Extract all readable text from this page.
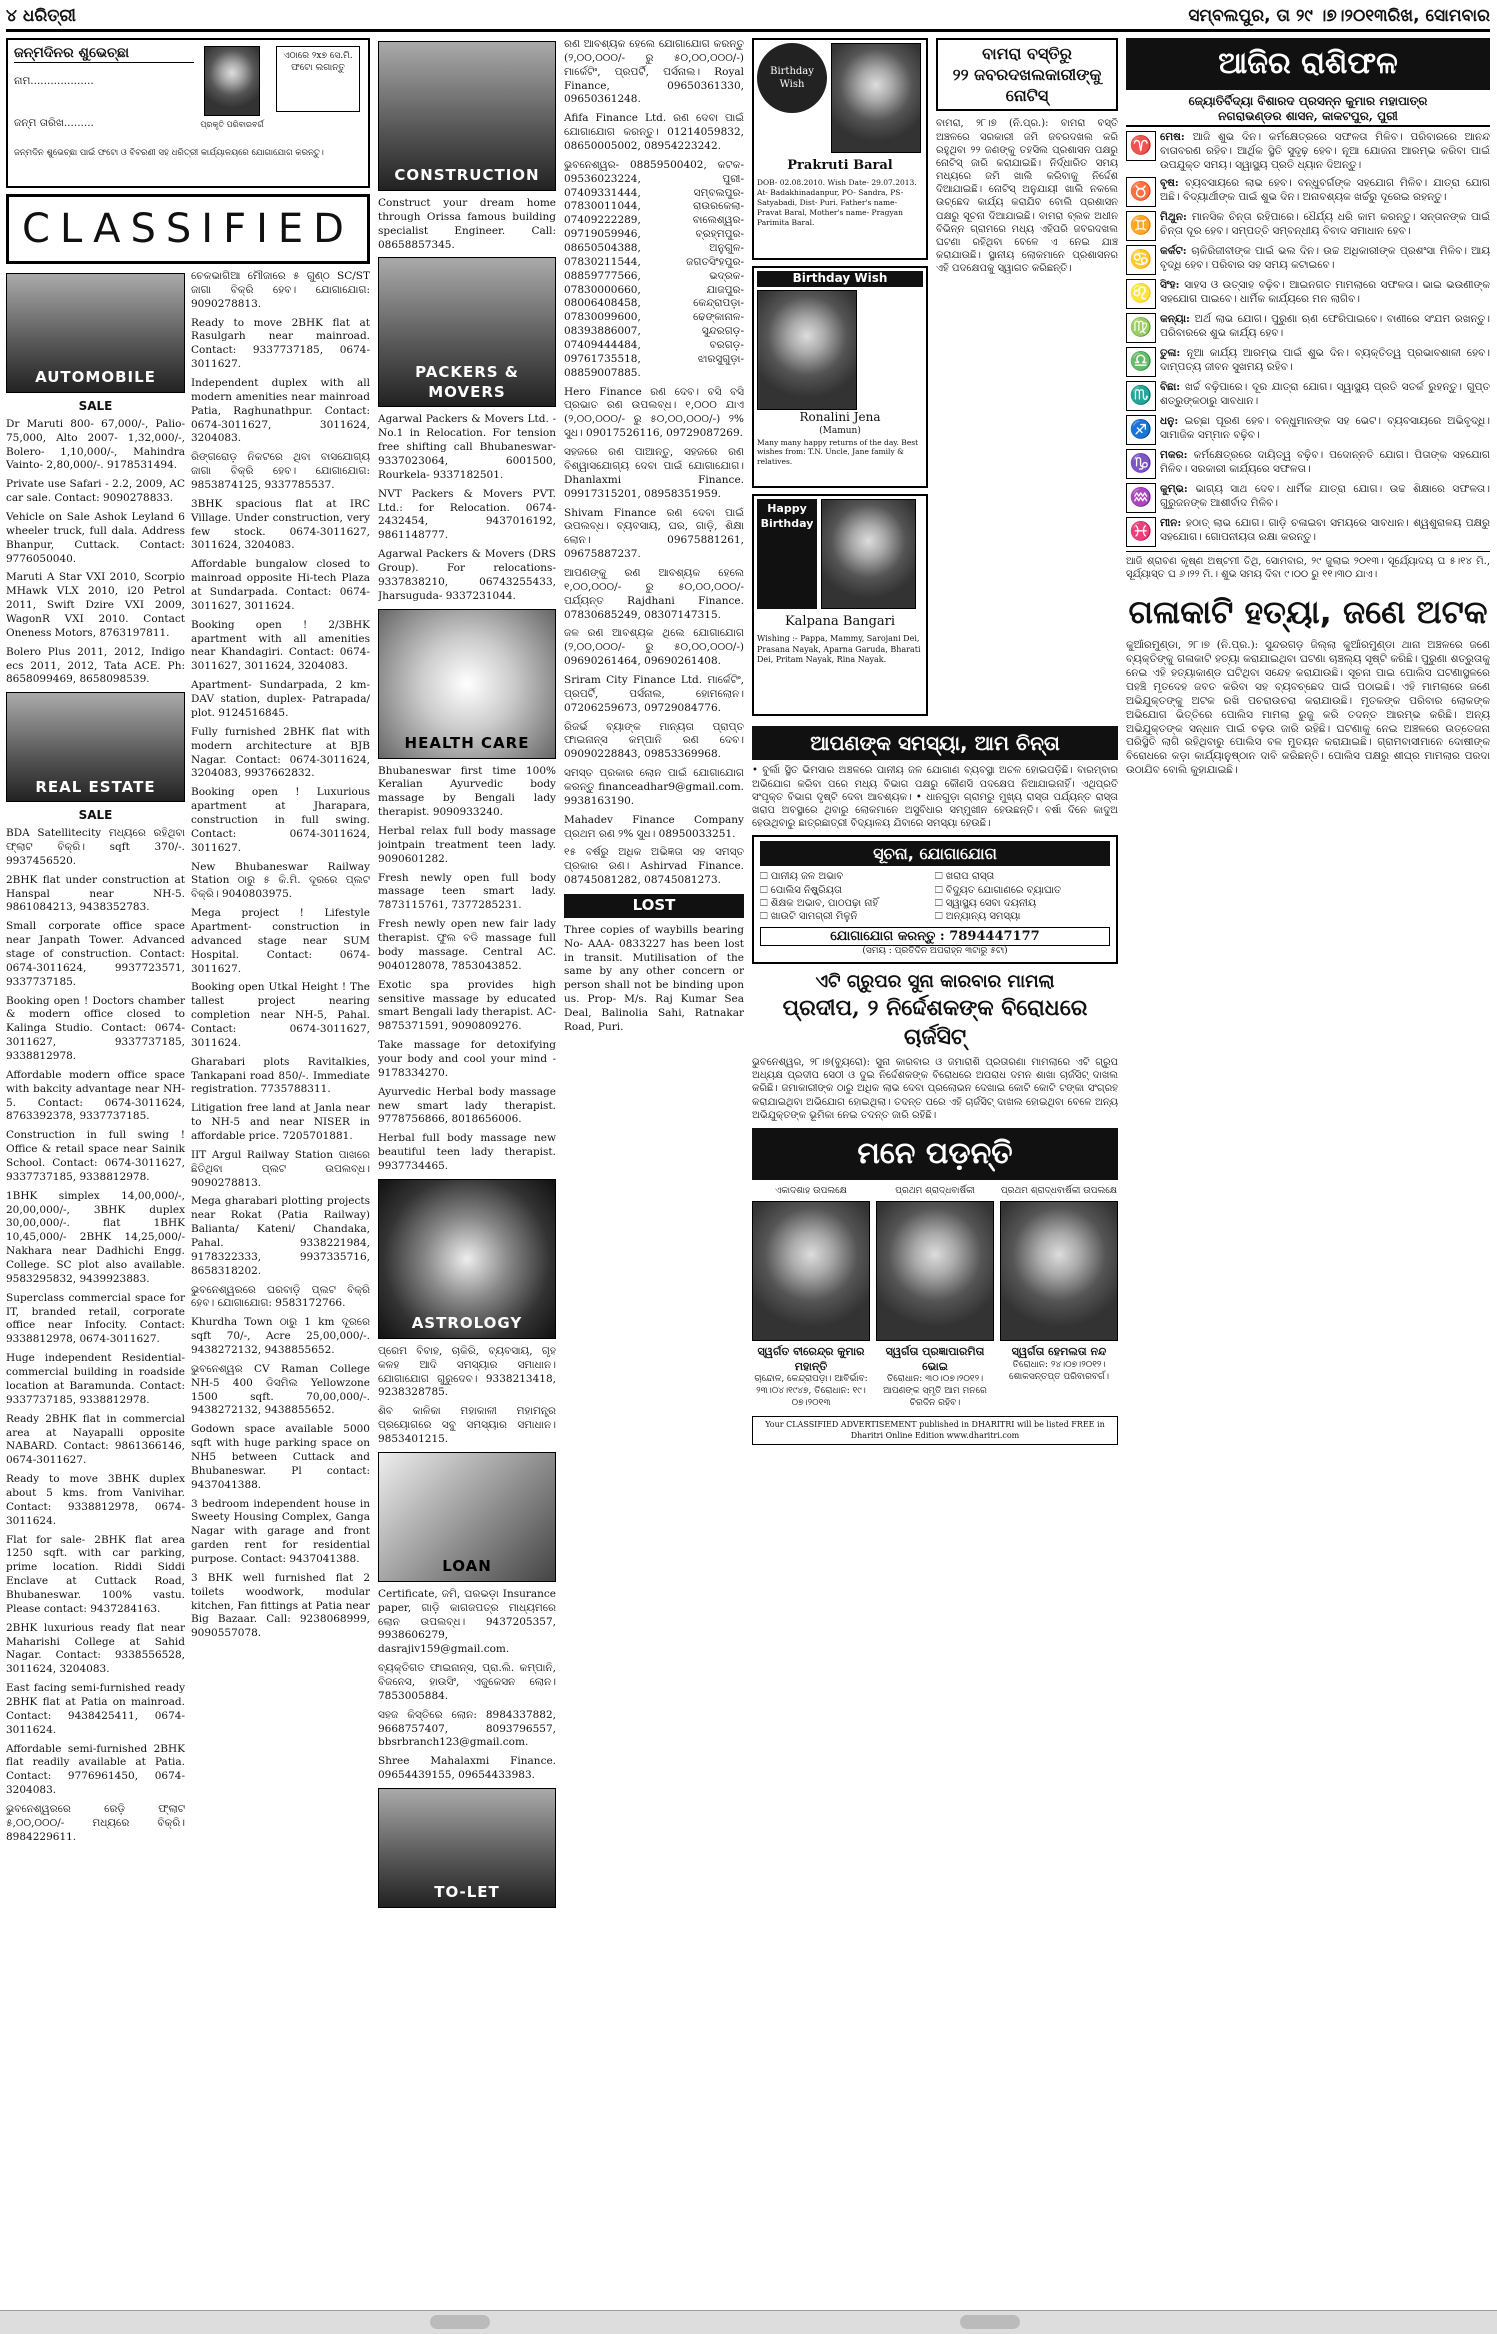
୪ ଧରିତ୍ରୀ	ସମ୍ବଲପୁର, ତା ୨୯ ।୭।୨୦୧୩ରିଖ, ସୋମବାର
ଜନ୍ମଦିନର ଶୁଭେଚ୍ଛା
ନାମ...................
ଜନ୍ମ ତାରିଖ.........	ପ୍ରକୃତି ପରିବାରବର୍ଗ
ଏଠାରେ ୨x୭ ସେ.ମି. ଫଟୋ ଲଗାନ୍ତୁ
ଜନ୍ମଦିନ ଶୁଭେଚ୍ଛା ପାଇଁ ଫଟୋ ଓ ବିବରଣୀ ସହ ଧରିତ୍ରୀ କାର୍ଯ୍ୟାଳୟରେ ଯୋଗାଯୋଗ କରନ୍ତୁ।
CLASSIFIED
AUTOMOBILE
SALE

Dr Maruti 800- 67,000/-, Palio- 75,000, Alto 2007- 1,32,000/-, Bolero- 1,10,000/-, Mahindra Vainto- 2,80,000/-. 9178531494.

Private use Safari - 2.2, 2009, AC car sale. Contact: 9090278833.

Vehicle on Sale Ashok Leyland 6 wheeler truck, full dala. Address Bhanpur, Cuttack. Contact: 9776050040.

Maruti A Star VXI 2010, Scorpio MHawk VLX 2010, i20 Petrol 2011, Swift Dzire VXI 2009, WagonR VXI 2010. Contact Oneness Motors, 8763197811.

Bolero Plus 2011, 2012, Indigo ecs 2011, 2012, Tata ACE. Ph: 8658099469, 8658098539.

REAL ESTATE
SALE

BDA Satellitecity ମଧ୍ୟରେ ରହିଥିବା ଫ୍ଲାଟ ବିକ୍ରି। sqft 370/-. 9937456520.

2BHK flat under construction at Hanspal near NH-5. 9861084213, 9438352783.

Small corporate office space near Janpath Tower. Advanced stage of construction. Contact: 0674-3011624, 9937723571, 9337737185.

Booking open ! Doctors chamber & modern office closed to Kalinga Studio. Contact: 0674-3011627, 9337737185, 9338812978.

Affordable modern office space with bakcity advantage near NH-5. Contact: 0674-3011624, 8763392378, 9337737185.

Construction in full swing ! Office & retail space near Sainik School. Contact: 0674-3011627, 9337737185, 9338812978.

1BHK simplex 14,00,000/-, 20,00,000/-, 3BHK duplex 30,00,000/-. flat 1BHK 10,45,000/- 2BHK 14,25,000/- Nakhara near Dadhichi Engg. College. SC plot also available. 9583295832, 9439923883.

Superclass commercial space for IT, branded retail, corporate office near Infocity. Contact: 9338812978, 0674-3011627.

Huge independent Residential-commercial building in roadside location at Baramunda. Contact: 9337737185, 9338812978.

Ready 2BHK flat in commercial area at Nayapalli opposite NABARD. Contact: 9861366146, 0674-3011627.

Ready to move 3BHK duplex about 5 kms. from Vanivihar. Contact: 9338812978, 0674-3011624.

Flat for sale- 2BHK flat area 1250 sqft. with car parking, prime location. Riddi Siddi Enclave at Cuttack Road, Bhubaneswar. 100% vastu. Please contact: 9437284163.

2BHK luxurious ready flat near Maharishi College at Sahid Nagar. Contact: 9338556528, 3011624, 3204083.

East facing semi-furnished ready 2BHK flat at Patia on mainroad. Contact: 9438425411, 0674-3011624.

Affordable semi-furnished 2BHK flat readily available at Patia. Contact: 9776961450, 0674-3204083.

ଭୁବନେଶ୍ୱରରେ ରେଡ଼ି ଫ୍ଲାଟ ୫,୦୦,୦୦୦/- ମଧ୍ୟରେ ବିକ୍ରି। 8984229611.

ଚେକଭାଗିଆ ମୌଜାରେ ୫ ଗୁଣ୍ଠ SC/ST ଜାଗା ବିକ୍ରି ହେବ। ଯୋଗାଯୋଗ: 9090278813.

Ready to move 2BHK flat at Rasulgarh near mainroad. Contact: 9337737185, 0674-3011627.

Independent duplex with all modern amenities near mainroad Patia, Raghunathpur. Contact: 0674-3011627, 3011624, 3204083.

ରିଙ୍ଗରୋଡ଼ ନିକଟରେ ଥିବା ବାସଯୋଗ୍ୟ ଜାଗା ବିକ୍ରି ହେବ। ଯୋଗାଯୋଗ: 9853874125, 9337785537.

3BHK spacious flat at IRC Village. Under construction, very few stock. 0674-3011627, 3011624, 3204083.

Affordable bungalow closed to mainroad opposite Hi-tech Plaza at Sundarpada. Contact: 0674-3011627, 3011624.

Booking open ! 2/3BHK apartment with all amenities near Khandagiri. Contact: 0674-3011627, 3011624, 3204083.

Apartment- Sundarpada, 2 km- DAV station, duplex- Patrapada/ plot. 9124516845.

Fully furnished 2BHK flat with modern architecture at BJB Nagar. Contact: 0674-3011624, 3204083, 9937662832.

Booking open ! Luxurious apartment at Jharapara, construction in full swing. Contact: 0674-3011624, 3011627.

New Bhubaneswar Railway Station ଠାରୁ ୫ କି.ମି. ଦୂରରେ ପ୍ଲଟ ବିକ୍ରି। 9040803975.

Mega project ! Lifestyle Apartment- construction in advanced stage near SUM Hospital. Contact: 0674-3011627.

Booking open Utkal Height ! The tallest project nearing completion near NH-5, Pahal. Contact: 0674-3011627, 3011624.

Gharabari plots Ravitalkies, Tankapani road 850/-. Immediate registration. 7735788311.

Litigation free land at Janla near to NH-5 and near NISER in affordable price. 7205701881.

IIT Argul Railway Station ପାଖରେ ଛିତିଥିବା ପ୍ଲଟ ଉପଲବ୍ଧ। 9090278813.

Mega gharabari plotting projects near Rokat (Patia Railway) Balianta/ Kateni/ Chandaka, Pahal. 9338221984, 9178322333, 9937335716, 8658318202.

ଭୁବନେଶ୍ୱରରେ ଘରବାଡ଼ି ପ୍ଲଟ ବିକ୍ରି ହେବ। ଯୋଗାଯୋଗ: 9583172766.

Khurdha Town ଠାରୁ 1 km ଦୂରରେ sqft 70/-, Acre 25,00,000/-. 9438272132, 9438855652.

ଭୁବନେଶ୍ୱର CV Raman College NH-5 400 ଡିସମିଲ Yellowzone 1500 sqft. 70,00,000/-. 9438272132, 9438855652.

Godown space available 5000 sqft with huge parking space on NH5 between Cuttack and Bhubaneswar. Pl contact: 9437041388.

3 bedroom independent house in Sweety Housing Complex, Ganga Nagar with garage and front garden rent for residential purpose. Contact: 9437041388.

3 BHK well furnished flat 2 toilets woodwork, modular kitchen, Fan fittings at Patia near Big Bazaar. Call: 9238068999, 9090557078.

CONSTRUCTION

Construct your dream home through Orissa famous building specialist Engineer. Call: 08658857345.

PACKERS & MOVERS

Agarwal Packers & Movers Ltd. - No.1 in Relocation. For tension free shifting call Bhubaneswar- 9337023064, 6001500, Rourkela- 9337182501.

NVT Packers & Movers PVT. Ltd.: for Relocation. 0674-2432454, 9437016192, 9861148777.

Agarwal Packers & Movers (DRS Group). For relocations- 9337838210, 06743255433, Jharsuguda- 9337231044.

HEALTH CARE

Bhubaneswar first time 100% Keralian Ayurvedic body massage by Bengali lady therapist. 9090933240.

Herbal relax full body massage jointpain treatment teen lady. 9090601282.

Fresh newly open full body massage teen smart lady. 7873115761, 7377285231.

Fresh newly open new fair lady therapist. ଫୁଲ ବଡି massage full body massage. Central AC. 9040128078, 7853043852.

Exotic spa provides high sensitive massage by educated smart Bengali lady therapist. AC- 9875371591, 9090809276.

Take massage for detoxifying your body and cool your mind - 9178334270.

Ayurvedic Herbal body massage new smart lady therapist. 9778756866, 8018656006.

Herbal full body massage new beautiful teen lady therapist. 9937734465.

ASTROLOGY

ପ୍ରେମ ବିବାହ, ଚାକିରି, ବ୍ୟବସାୟ, ଗୃହ କଳହ ଆଦି ସମସ୍ୟାର ସମାଧାନ। ଯୋଗାଯୋଗ ଗୁରୁଦେବ। 9338213418, 9238328785.

ଶିବ କାଳିକା ମହାକାଳୀ ମହାମନ୍ତ୍ର ପ୍ରୟୋଗରେ ସବୁ ସମସ୍ୟାର ସମାଧାନ। 9853401215.

LOAN

Certificate, ଜମି, ଘରଭଡ଼ା Insurance paper, ଗାଡ଼ି କାଗଜପତ୍ର ମାଧ୍ୟମରେ ଲୋନ ଉପଲବ୍ଧ। 9437205357, 9938606279, dasrajiv159@gmail.com.

ବ୍ୟକ୍ତିଗତ ଫାଇନାନ୍ସ, ପ୍ରା.ଲି. କମ୍ପାନି, ବିଜନେସ, ହାଉସିଂ, ଏଜୁକେସନ ଲୋନ। 7853005884.

ସହଜ କିସ୍ତିରେ ଲୋନ: 8984337882, 9668757407, 8093796557, bbsrbranch123@gmail.com.

Shree Mahalaxmi Finance. 09654439155, 09654433983.

TO-LET

ରଣ ଆବଶ୍ୟକ ହେଲେ ଯୋଗାଯୋଗ କରନ୍ତୁ (୨,୦୦,୦୦୦/- ରୁ ୫୦,୦୦,୦୦୦/-) ମାର୍କେଟିଂ, ପ୍ରପର୍ଟି, ପର୍ସନାଲ। Royal Finance, 09650361330, 09650361248.

Afifa Finance Ltd. ରଣ ଦେବା ପାଇଁ ଯୋଗାଯୋଗ କରନ୍ତୁ। 01214059832, 08650005002, 08954223242.

ଭୁବନେଶ୍ୱର- 08859500402, କଟକ- 09536023224, ପୁରୀ- 07409331444, ସମ୍ବଲପୁର- 07830011044, ରାଉରକେଲା- 07409222289, ବାଲେଶ୍ୱର- 09719059946, ବ୍ରହ୍ମପୁର- 08650504388, ଅନୁଗୁଳ- 07830211544, ଜଗତସିଂହପୁର- 08859777566, ଭଦ୍ରକ- 07830000660, ଯାଜପୁର- 08006408458, କେନ୍ଦ୍ରାପଡ଼ା- 07830099600, ଢେଙ୍କାନାଳ- 08393886007, ସୁନ୍ଦରଗଡ଼- 07409444484, ବରଗଡ଼- 09761735518, ଝାରସୁଗୁଡ଼ା- 08859007885.

Hero Finance ରଣ ଦେବ। ବସି ବସି ପ୍ରଭାତ ରଣ ଉପଲବ୍ଧ। ୧,୦୦୦ ଯାଏ (୨,୦୦,୦୦୦/- ରୁ ୫୦,୦୦,୦୦୦/-) ୨% ସୁଧ। 09017526116, 09729087269.

ସହଜରେ ରଣ ପାଆନ୍ତୁ, ସହଜରେ ରଣ ବିଶ୍ୱାସଯୋଗ୍ୟ ଦେବା ପାଇଁ ଯୋଗାଯୋଗ। Dhanlaxmi Finance. 09917315201, 08958351959.

Shivam Finance ରଣ ଦେବା ପାଇଁ ଉପଲବ୍ଧ। ବ୍ୟବସାୟ, ଘର, ଗାଡ଼ି, ଶିକ୍ଷା ଲୋନ। 09675881261, 09675887237.

ଆପଣଙ୍କୁ ରଣ ଆବଶ୍ୟକ ହେଲେ ୧,୦୦,୦୦୦/- ରୁ ୫୦,୦୦,୦୦୦/- ପର୍ଯ୍ୟନ୍ତ Rajdhani Finance. 07830685249, 08307147315.

ଜଳ ରଣ ଆବଶ୍ୟକ ଥିଲେ ଯୋଗାଯୋଗ (୨,୦୦,୦୦୦/- ରୁ ୫୦,୦୦,୦୦୦/-) 09690261464, 09690261408.

Sriram City Finance Ltd. ମାର୍କେଟିଂ, ପ୍ରପର୍ଟି, ପର୍ସନାଲ, ହୋମଲୋନ। 07206259673, 09729084776.

ରିଜର୍ଭ ବ୍ୟାଙ୍କ ମାନ୍ୟତା ପ୍ରାପ୍ତ ଫାଇନାନ୍ସ କମ୍ପାନି ରଣ ଦେବ। 09090228843, 09853369968.

ସମସ୍ତ ପ୍ରକାର ଲୋନ ପାଇଁ ଯୋଗାଯୋଗ କରନ୍ତୁ financeadhar9@gmail.com. 9938163190.

Mahadev Finance Company ପ୍ରଥମ ରଣ ୨% ସୁଧ। 08950033251.

୧୫ ବର୍ଷରୁ ଅଧିକ ଅଭିଜ୍ଞତା ସହ ସମସ୍ତ ପ୍ରକାର ରଣ। Ashirvad Finance. 08745081282, 08745081273.

LOST

Three copies of waybills bearing No- AAA- 0833227 has been lost in transit. Mutilisation of the same by any other concern or person shall not be binding upon us. Prop- M/s. Raj Kumar Sea Deal, Balinolia Sahi, Ratnakar Road, Puri.

Birthday Wish
Prakruti Baral
DOB- 02.08.2010. Wish Date- 29.07.2013. At- Badakhinadanpur, PO- Sandra, PS- Satyabadi, Dist- Puri. Father's name- Pravat Baral, Mother's name- Pragyan Parimita Baral.
Birthday Wish
Ronalini Jena
(Mamun)
Many many happy returns of the day. Best wishes from: T.N. Uncle, Jane family & relatives.
Happy Birthday
Kalpana Bangari
Wishing :- Pappa, Mammy, Sarojani Dei, Prasana Nayak, Aparna Garuda, Bharati Dei, Pritam Nayak, Rina Nayak.
ବାମରା ବସ୍ତିରୁ
୨୨ ଜବରଦଖଲକାରୀଙ୍କୁ ନୋଟିସ୍

ବାମରା, ୨୮।୭ (ନି.ପ୍ର.): ବାମରା ବସ୍ତି ଅଞ୍ଚଳରେ ସରକାରୀ ଜମି ଜବରଦଖଲ କରି ରହୁଥିବା ୨୨ ଜଣଙ୍କୁ ତହସିଲ ପ୍ରଶାସନ ପକ୍ଷରୁ ନୋଟିସ୍ ଜାରି କରାଯାଇଛି। ନିର୍ଦ୍ଧାରିତ ସମୟ ମଧ୍ୟରେ ଜମି ଖାଲି କରିବାକୁ ନିର୍ଦ୍ଦେଶ ଦିଆଯାଇଛି। ନୋଟିସ୍ ଅନୁଯାୟୀ ଖାଲି ନକଲେ ଉଚ୍ଛେଦ କାର୍ଯ୍ୟ କରାଯିବ ବୋଲି ପ୍ରଶାସନ ପକ୍ଷରୁ ସୂଚନା ଦିଆଯାଇଛି। ବାମରା ବ୍ଲକ ଅଧୀନ ବିଭିନ୍ନ ଗ୍ରାମରେ ମଧ୍ୟ ଏହିପରି ଜବରଦଖଲ ଘଟଣା ରହିଥିବା ବେଳେ ଏ ନେଇ ଯାଞ୍ଚ କରାଯାଉଛି। ସ୍ଥାନୀୟ ଲୋକମାନେ ପ୍ରଶାସନର ଏହି ପଦକ୍ଷେପକୁ ସ୍ୱାଗତ କରିଛନ୍ତି।

ଆପଣଙ୍କ ସମସ୍ୟା, ଆମ ଚିନ୍ତା

• ବୁର୍ଲା ସ୍ଥିତ ଭିମସାର ଅଞ୍ଚଳରେ ପାନୀୟ ଜଳ ଯୋଗାଣ ବ୍ୟବସ୍ଥା ଅଚଳ ହୋଇପଡ଼ିଛି। ବାରମ୍ବାର ଅଭିଯୋଗ କରିବା ପରେ ମଧ୍ୟ ବିଭାଗ ପକ୍ଷରୁ କୌଣସି ପଦକ୍ଷେପ ନିଆଯାଇନାହିଁ। ଏଥିପ୍ରତି ସଂପୃକ୍ତ ବିଭାଗ ଦୃଷ୍ଟି ଦେବା ଆବଶ୍ୟକ। • ଧାନଗୁଡ଼ା ଗ୍ରାମରୁ ମୁଖ୍ୟ ରାସ୍ତା ପର୍ଯ୍ୟନ୍ତ ରାସ୍ତା ଖରାପ ଅବସ୍ଥାରେ ଥିବାରୁ ଲୋକମାନେ ଅସୁବିଧାର ସମ୍ମୁଖୀନ ହେଉଛନ୍ତି। ବର୍ଷା ଦିନେ କାଦୁଅ ହେଉଥିବାରୁ ଛାତ୍ରଛାତ୍ରୀ ବିଦ୍ୟାଳୟ ଯିବାରେ ସମସ୍ୟା ହେଉଛି।

ସୂଚନା, ଯୋଗାଯୋଗ
☐ ପାନୀୟ ଜଳ ଅଭାବ	☐ ଖରାପ ରାସ୍ତା
☐ ପୋଲିସ ନିଷ୍କ୍ରିୟତା	☐ ବିଦ୍ୟୁତ ଯୋଗାଣରେ ବ୍ୟାଘାତ
☐ ଶିକ୍ଷକ ଅଭାବ, ପାଠପଢ଼ା ନାହିଁ	☐ ସ୍ୱାସ୍ଥ୍ୟ ସେବା ଦୟନୀୟ
☐ ଖାଉଟି ସାମଗ୍ରୀ ମିଳୁନି	☐ ଅନ୍ୟାନ୍ୟ ସମସ୍ୟା
ଯୋଗାଯୋଗ କରନ୍ତୁ : 7894447177
(ସମୟ : ପ୍ରତିଦିନ ଅପରାହ୍ନ ୩ଟାରୁ ୫ଟା)
ଏଟି ଗ୍ରୁପର ସୁନା କାରବାର ମାମଲା
ପ୍ରଦୀପ, ୨ ନିର୍ଦ୍ଦେଶକଙ୍କ ବିରୋଧରେ ଚାର୍ଜସିଟ୍

ଭୁବନେଶ୍ୱର, ୨୮।୭(ବ୍ୟୁରୋ): ସୁନା କାରବାର ଓ ଜମାରାଶି ପ୍ରତାରଣା ମାମଲାରେ ଏଟି ଗ୍ରୁପ ଅଧ୍ୟକ୍ଷ ପ୍ରଦୀପ ସେଠୀ ଓ ଦୁଇ ନିର୍ଦ୍ଦେଶକଙ୍କ ବିରୋଧରେ ଅପରାଧ ଦମନ ଶାଖା ଚାର୍ଜସିଟ୍ ଦାଖଲ କରିଛି। ଜମାକାରୀଙ୍କ ଠାରୁ ଅଧିକ ଲାଭ ଦେବା ପ୍ରଲୋଭନ ଦେଖାଇ କୋଟି କୋଟି ଟଙ୍କା ସଂଗ୍ରହ କରାଯାଇଥିବା ଅଭିଯୋଗ ହୋଇଥିଲା। ତଦନ୍ତ ପରେ ଏହି ଚାର୍ଜସିଟ୍ ଦାଖଲ ହୋଇଥିବା ବେଳେ ଅନ୍ୟ ଅଭିଯୁକ୍ତଙ୍କ ଭୂମିକା ନେଇ ତଦନ୍ତ ଜାରି ରହିଛି।

ମନେ ପଡ଼ନ୍ତି
ଏକାଦଶାହ ଉପଲକ୍ଷେ
ସ୍ୱର୍ଗତ ବୀରେନ୍ଦ୍ର କୁମାର ମହାନ୍ତି
ଚାନ୍ଦୋଳ, କେନ୍ଦ୍ରାପଡ଼ା। ଆବିର୍ଭାବ: ୨୩।୦୪।୧୯୪୭, ତିରୋଧାନ: ୧୯।୦୭।୨୦୧୩
ପ୍ରଥମ ଶ୍ରାଦ୍ଧବାର୍ଷିକୀ
ସ୍ୱର୍ଗତା ପ୍ରଜ୍ଞାପାରମିତା ଭୋଇ
ତିରୋଧାନ: ୩୦।୦୭।୨୦୧୨। ଆପଣଙ୍କ ସ୍ମୃତି ଆମ ମନରେ ଚିରଦିନ ରହିବ।
ପ୍ରଥମ ଶ୍ରାଦ୍ଧବାର୍ଷିକୀ ଉପଲକ୍ଷେ
ସ୍ୱର୍ଗତା ହେମଲତା ନନ୍ଦ
ତିରୋଧାନ: ୨୪।୦୭।୨୦୧୨। ଶୋକସନ୍ତପ୍ତ ପରିବାରବର୍ଗ।
Your CLASSIFIED ADVERTISEMENT published in DHARITRI will be listed FREE in Dharitri Online Edition www.dharitri.com
ଆଜିର ରାଶିଫଳ
ଜ୍ୟୋତିର୍ବିଦ୍ୟା ବିଶାରଦ ପ୍ରସନ୍ନ କୁମାର ମହାପାତ୍ର
ନଗରାଭଣ୍ଡର ଶାସନ, କାକଟପୁର, ପୁରୀ
♈ ମେଷ: ଆଜି ଶୁଭ ଦିନ। କର୍ମକ୍ଷେତ୍ରରେ ସଫଳତା ମିଳିବ। ପରିବାରରେ ଆନନ୍ଦ ବାତାବରଣ ରହିବ। ଆର୍ଥିକ ସ୍ଥିତି ସୁଦୃଢ଼ ହେବ। ନୂଆ ଯୋଜନା ଆରମ୍ଭ କରିବା ପାଇଁ ଉପଯୁକ୍ତ ସମୟ। ସ୍ୱାସ୍ଥ୍ୟ ପ୍ରତି ଧ୍ୟାନ ଦିଅନ୍ତୁ।
♉ ବୃଷ: ବ୍ୟବସାୟରେ ଲାଭ ହେବ। ବନ୍ଧୁବର୍ଗଙ୍କ ସହଯୋଗ ମିଳିବ। ଯାତ୍ରା ଯୋଗ ଅଛି। ବିଦ୍ୟାର୍ଥୀଙ୍କ ପାଇଁ ଶୁଭ ଦିନ। ଅନାବଶ୍ୟକ ଖର୍ଚ୍ଚରୁ ଦୂରେଇ ରହନ୍ତୁ।
♊ ମିଥୁନ: ମାନସିକ ଚିନ୍ତା ରହିପାରେ। ଧୈର୍ଯ୍ୟ ଧରି କାମ କରନ୍ତୁ। ସନ୍ତାନଙ୍କ ପାଇଁ ଚିନ୍ତା ଦୂର ହେବ। ସମ୍ପତ୍ତି ସମ୍ବନ୍ଧୀୟ ବିବାଦ ସମାଧାନ ହେବ।
♋ କର୍କଟ: ଚାକିରିଜୀବୀଙ୍କ ପାଇଁ ଭଲ ଦିନ। ଉଚ୍ଚ ଅଧିକାରୀଙ୍କ ପ୍ରଶଂସା ମିଳିବ। ଆୟ ବୃଦ୍ଧି ହେବ। ପରିବାର ସହ ସମୟ କଟାଇବେ।
♌ ସିଂହ: ସାହସ ଓ ଉତ୍ସାହ ବଢ଼ିବ। ଆଇନଗତ ମାମଲାରେ ସଫଳତା। ଭାଇ ଭଉଣୀଙ୍କ ସହଯୋଗ ପାଇବେ। ଧାର୍ମିକ କାର୍ଯ୍ୟରେ ମନ ଲାଗିବ।
♍ କନ୍ୟା: ଅର୍ଥ ଲାଭ ଯୋଗ। ପୁରୁଣା ଋଣ ଫେରିପାଇବେ। ବାଣୀରେ ସଂଯମ ରଖନ୍ତୁ। ପରିବାରରେ ଶୁଭ କାର୍ଯ୍ୟ ହେବ।
♎ ତୁଳା: ନୂଆ କାର୍ଯ୍ୟ ଆରମ୍ଭ ପାଇଁ ଶୁଭ ଦିନ। ବ୍ୟକ୍ତିତ୍ୱ ପ୍ରଭାବଶାଳୀ ହେବ। ଦାମ୍ପତ୍ୟ ଜୀବନ ସୁଖମୟ ରହିବ।
♏ ବିଛା: ଖର୍ଚ୍ଚ ବଢ଼ିପାରେ। ଦୂର ଯାତ୍ରା ଯୋଗ। ସ୍ୱାସ୍ଥ୍ୟ ପ୍ରତି ସତର୍କ ରୁହନ୍ତୁ। ଗୁପ୍ତ ଶତ୍ରୁଙ୍କଠାରୁ ସାବଧାନ।
♐ ଧନୁ: ଇଚ୍ଛା ପୂରଣ ହେବ। ବନ୍ଧୁମାନଙ୍କ ସହ ଭେଟ। ବ୍ୟବସାୟରେ ଅଭିବୃଦ୍ଧି। ସାମାଜିକ ସମ୍ମାନ ବଢ଼ିବ।
♑ ମକର: କର୍ମକ୍ଷେତ୍ରରେ ଦାୟିତ୍ୱ ବଢ଼ିବ। ପଦୋନ୍ନତି ଯୋଗ। ପିତାଙ୍କ ସହଯୋଗ ମିଳିବ। ସରକାରୀ କାର୍ଯ୍ୟରେ ସଫଳତା।
♒ କୁମ୍ଭ: ଭାଗ୍ୟ ସାଥ ଦେବ। ଧାର୍ମିକ ଯାତ୍ରା ଯୋଗ। ଉଚ୍ଚ ଶିକ୍ଷାରେ ସଫଳତା। ଗୁରୁଜନଙ୍କ ଆଶୀର୍ବାଦ ମିଳିବ।
♓ ମୀନ: ହଠାତ୍ ଲାଭ ଯୋଗ। ଗାଡ଼ି ଚଳାଇବା ସମୟରେ ସାବଧାନ। ଶ୍ୱଶୁରାଳୟ ପକ୍ଷରୁ ସହଯୋଗ। ଗୋପନୀୟତା ରକ୍ଷା କରନ୍ତୁ।

ଆଜି ଶ୍ରାବଣ କୃଷ୍ଣ ଅଷ୍ଟମୀ ତିଥି, ସୋମବାର, ୨୯ ଜୁଲାଇ ୨୦୧୩। ସୂର୍ଯ୍ୟୋଦୟ ଘ ୫।୧୪ ମି., ସୂର୍ଯ୍ୟାସ୍ତ ଘ ୬।୨୨ ମି.। ଶୁଭ ସମୟ ଦିବା ୯।୦୦ ରୁ ୧୧।୩୦ ଯାଏ।

ଗଳାକାଟି ହତ୍ୟା, ଜଣେ ଅଟକ

କୁଆଁରମୁଣ୍ଡା, ୨୮।୭ (ନି.ପ୍ର.): ସୁନ୍ଦରଗଡ଼ ଜିଲ୍ଲା କୁଆଁରମୁଣ୍ଡା ଥାନା ଅଞ୍ଚଳରେ ଜଣେ ବ୍ୟକ୍ତିଙ୍କୁ ଗଳାକାଟି ହତ୍ୟା କରାଯାଇଥିବା ଘଟଣା ଚାଞ୍ଚଲ୍ୟ ସୃଷ୍ଟି କରିଛି। ପୁରୁଣା ଶତ୍ରୁତାକୁ ନେଇ ଏହି ହତ୍ୟାକାଣ୍ଡ ଘଟିଥିବା ସନ୍ଦେହ କରାଯାଉଛି। ସୂଚନା ପାଇ ପୋଲିସ ଘଟଣାସ୍ଥଳରେ ପହଞ୍ଚି ମୃତଦେହ ଜବତ କରିବା ସହ ବ୍ୟବଚ୍ଛେଦ ପାଇଁ ପଠାଇଛି। ଏହି ମାମଲାରେ ଜଣେ ଅଭିଯୁକ୍ତଙ୍କୁ ଅଟକ ରଖି ପଚରାଉଚରା କରାଯାଉଛି। ମୃତକଙ୍କ ପରିବାର ଲୋକଙ୍କ ଅଭିଯୋଗ ଭିତ୍ତିରେ ପୋଲିସ ମାମଲା ରୁଜୁ କରି ତଦନ୍ତ ଆରମ୍ଭ କରିଛି। ଅନ୍ୟ ଅଭିଯୁକ୍ତଙ୍କ ସନ୍ଧାନ ପାଇଁ ଚଢ଼ଉ ଜାରି ରହିଛି। ଘଟଣାକୁ ନେଇ ଅଞ୍ଚଳରେ ଉତ୍ତେଜନା ପରିସ୍ଥିତି ଲାଗି ରହିଥିବାରୁ ପୋଲିସ ବଳ ମୁତୟନ କରାଯାଇଛି। ଗ୍ରାମବାସୀମାନେ ଦୋଷୀଙ୍କ ବିରୋଧରେ କଡ଼ା କାର୍ଯ୍ୟାନୁଷ୍ଠାନ ଦାବି କରିଛନ୍ତି। ପୋଲିସ ପକ୍ଷରୁ ଶୀଘ୍ର ମାମଲାର ପରଦା ଉଠାଯିବ ବୋଲି କୁହାଯାଇଛି।
